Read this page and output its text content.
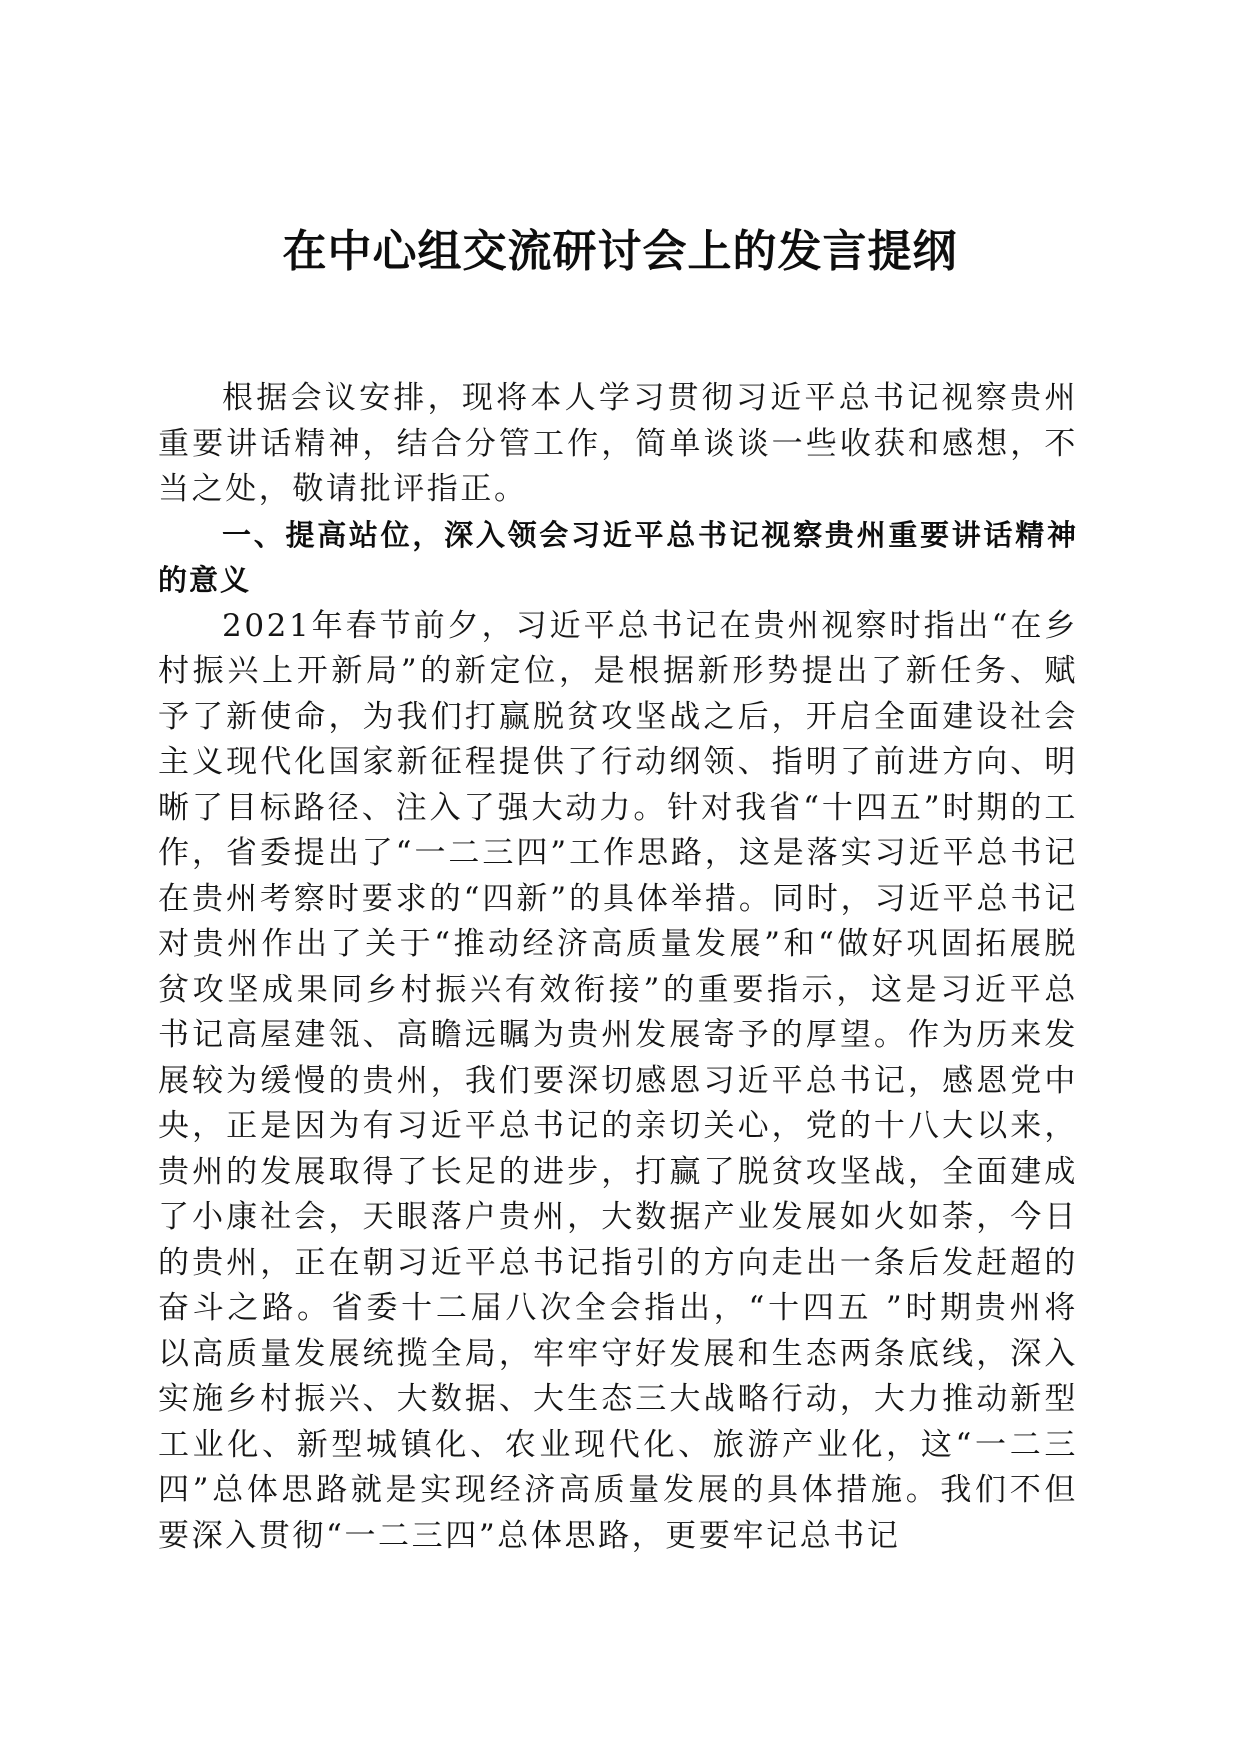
在中心组交流研讨会上的发言提纲

根据会议安排，现将本人学习贯彻习近平总书记视察贵州重要讲话精神，结合分管工作，简单谈谈一些收获和感想，不当之处，敬请批评指正。

一、提高站位，深入领会习近平总书记视察贵州重要讲话精神的意义

2021年春节前夕，习近平总书记在贵州视察时指出“在乡村振兴上开新局”的新定位，是根据新形势提出了新任务、赋予了新使命，为我们打赢脱贫攻坚战之后，开启全面建设社会主义现代化国家新征程提供了行动纲领、指明了前进方向、明晰了目标路径、注入了强大动力。针对我省“十四五”时期的工作，省委提出了“一二三四”工作思路，这是落实习近平总书记在贵州考察时要求的“四新”的具体举措。同时，习近平总书记对贵州作出了关于“推动经济高质量发展”和“做好巩固拓展脱贫攻坚成果同乡村振兴有效衔接”的重要指示，这是习近平总书记高屋建瓴、高瞻远瞩为贵州发展寄予的厚望。作为历来发展较为缓慢的贵州，我们要深切感恩习近平总书记，感恩党中央，正是因为有习近平总书记的亲切关心，党的十八大以来，贵州的发展取得了长足的进步，打赢了脱贫攻坚战，全面建成了小康社会，天眼落户贵州，大数据产业发展如火如荼，今日的贵州，正在朝习近平总书记指引的方向走出一条后发赶超的奋斗之路。省委十二届八次全会指出，“十四五 ”时期贵州将以高质量发展统揽全局，牢牢守好发展和生态两条底线，深入实施乡村振兴、大数据、大生态三大战略行动，大力推动新型工业化、新型城镇化、农业现代化、旅游产业化，这“一二三四”总体思路就是实现经济高质量发展的具体措施。我们不但要深入贯彻“一二三四”总体思路，更要牢记总书记
